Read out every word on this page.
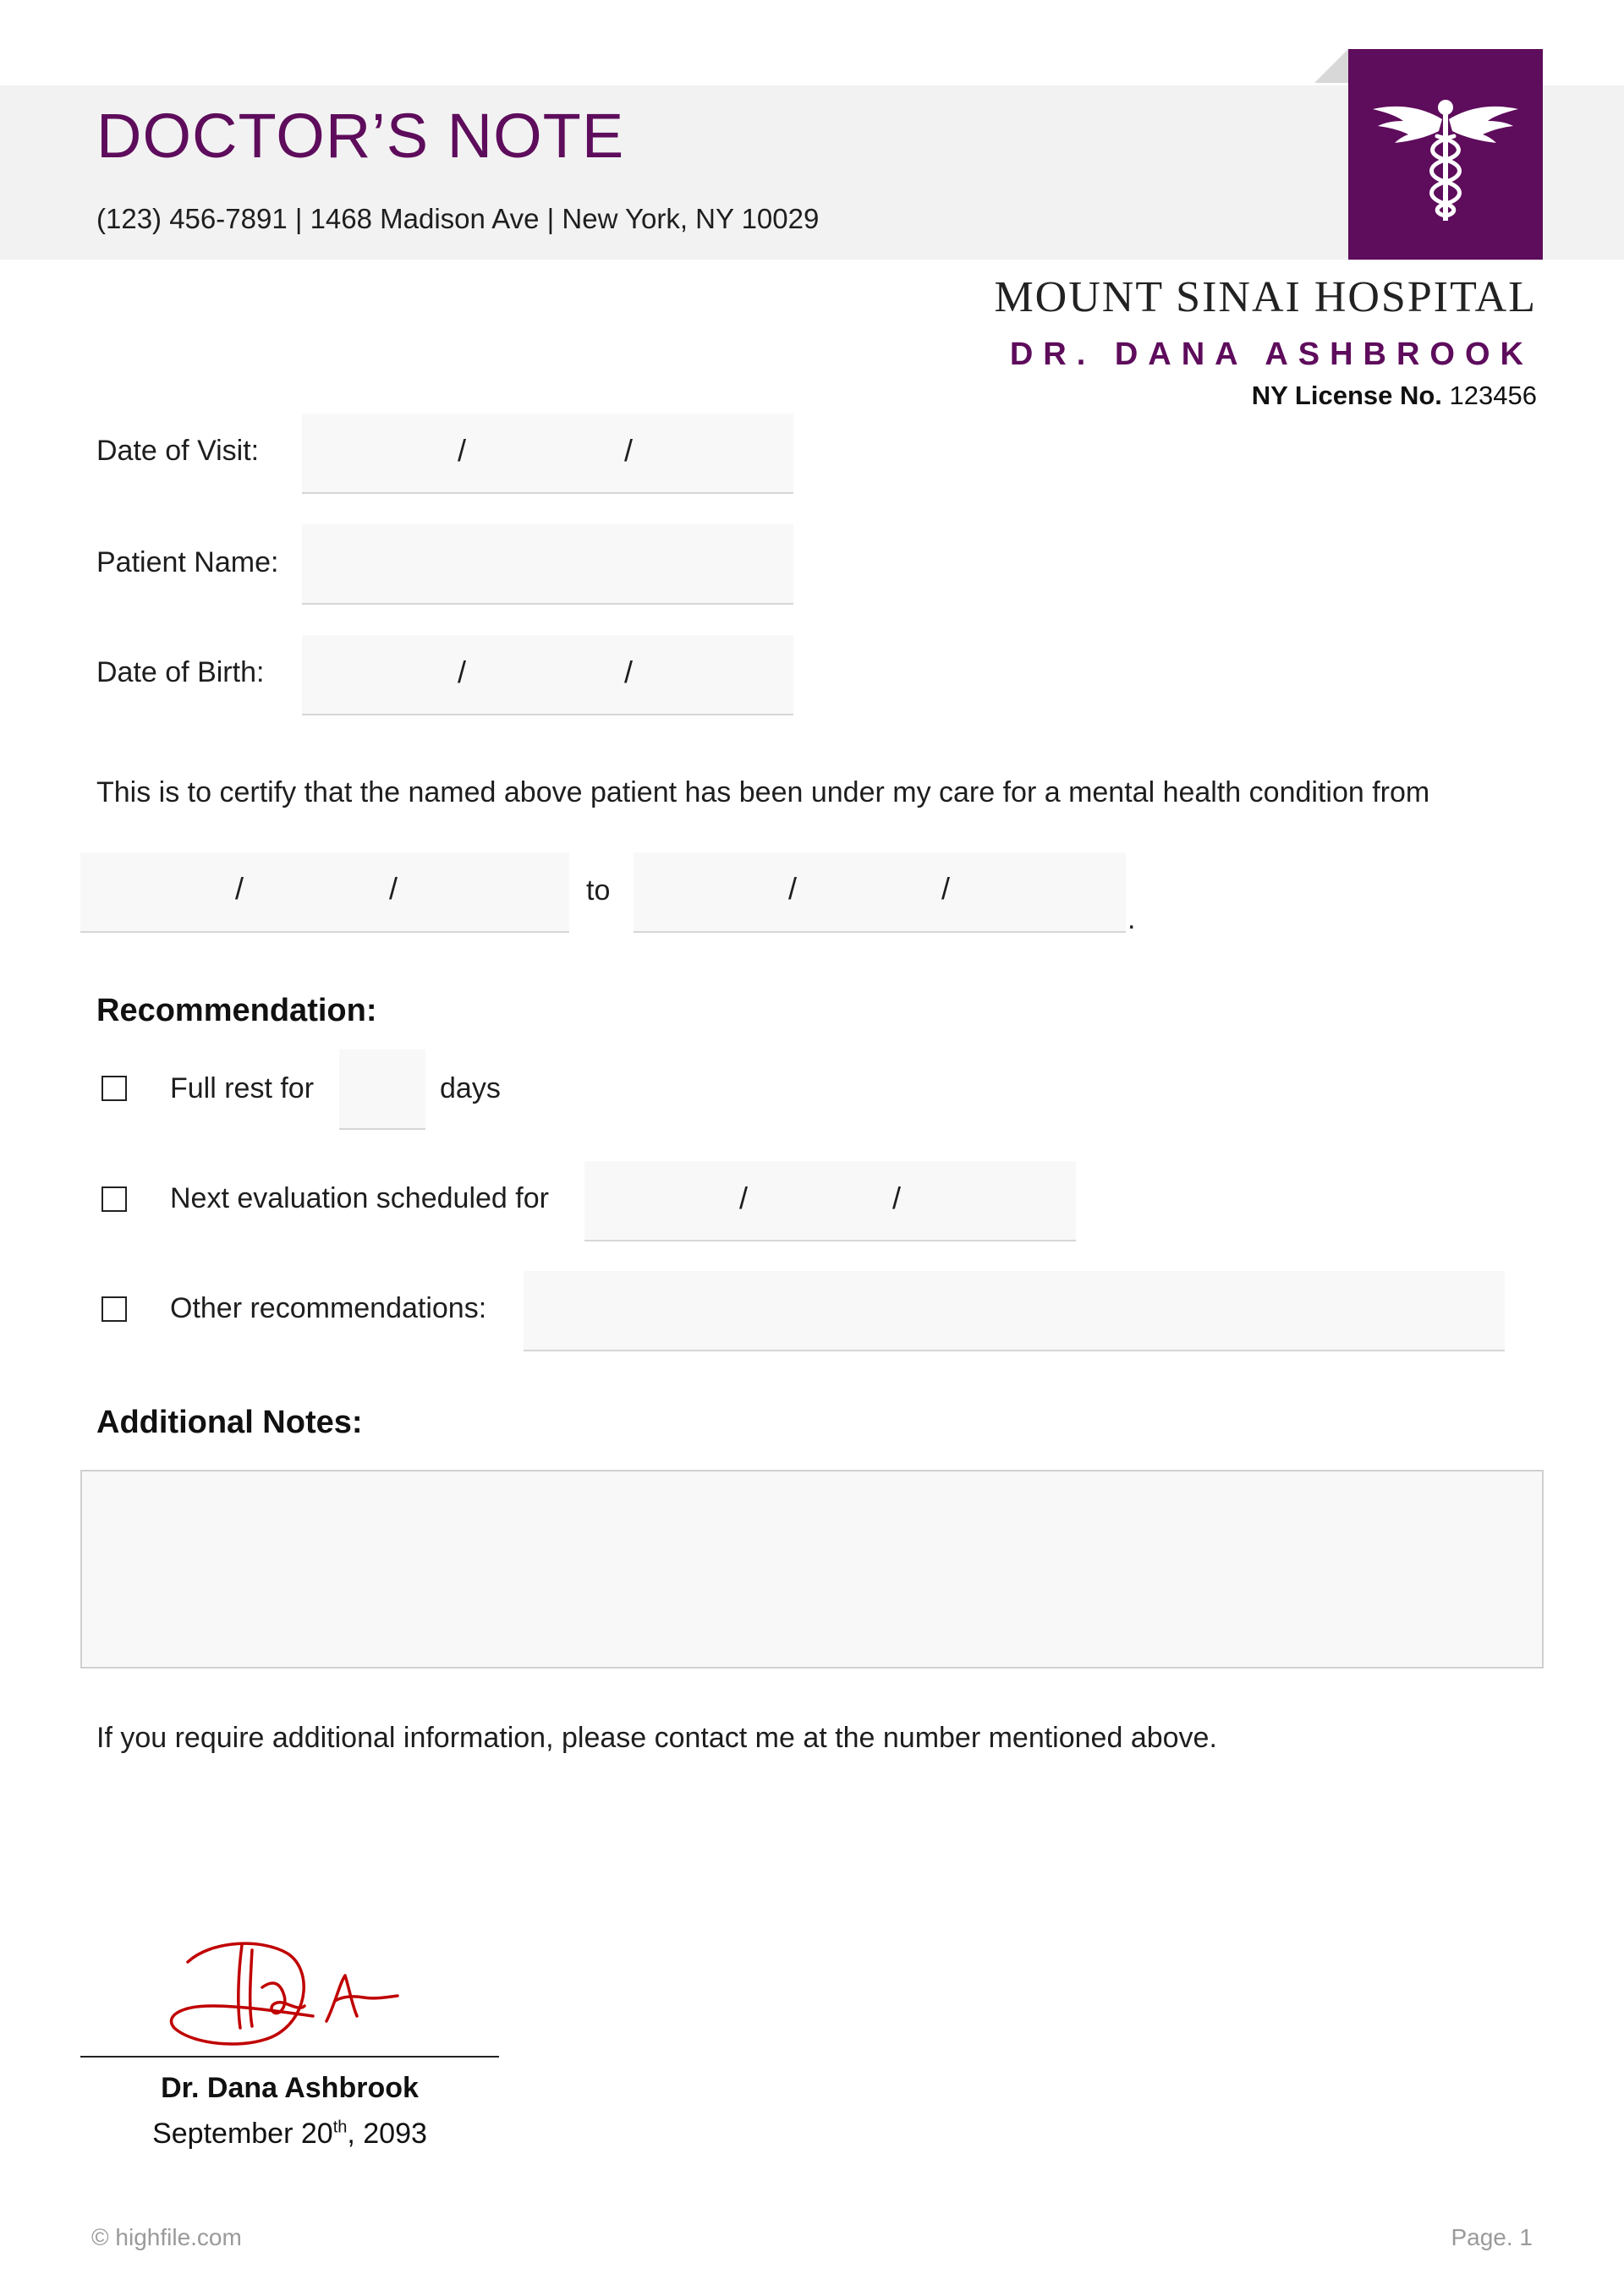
DOCTOR’S NOTE
(123) 456-7891 | 1468 Madison Ave | New York, NY 10029
MOUNT SINAI HOSPITAL
DR. DANA ASHBROOK
NY License No. 123456
Date of Visit:	/	/
Patient Name:
Date of Birth:	/	/
This is to certify that the named above patient has been under my care for a mental health condition from
/	/	to	/	/
.
Recommendation:
Full rest for	days
Next evaluation scheduled for	/	/
Other recommendations:
Additional Notes:
If you require additional information, please contact me at the number mentioned above.
Dr. Dana Ashbrook
September 20th, 2093
© highfile.com	Page. 1
